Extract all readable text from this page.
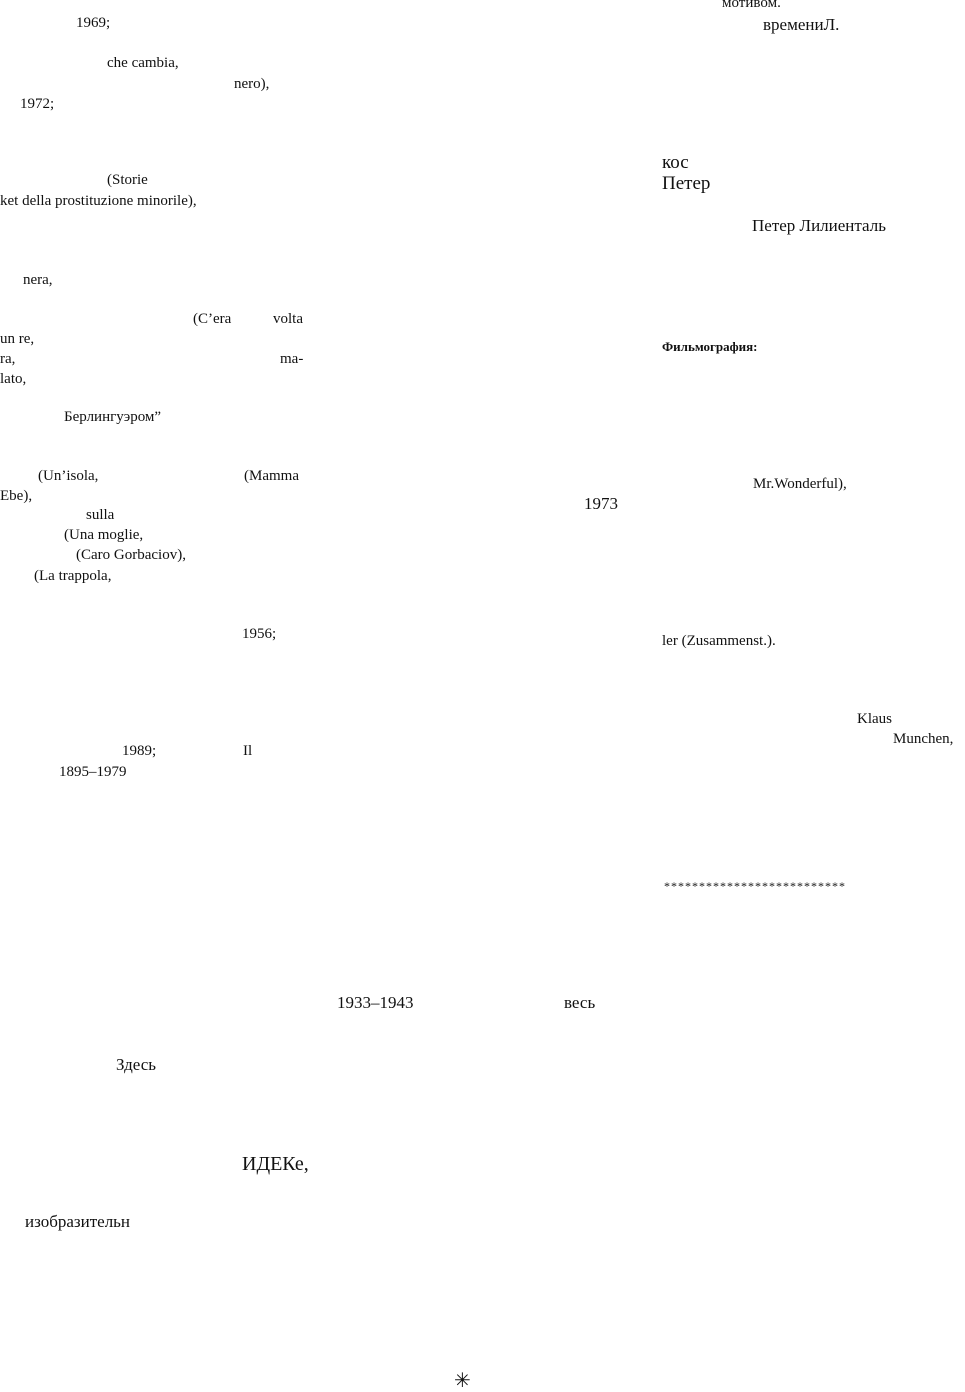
1969;
che cambia,
nero),
1972;
(Storie
ket della prostituzione minorile),
nera,
(C’era	volta
un re,
ra,	ma-
lato,
Берлингуэром”
(Un’isola,	(Mamma
Ebe),
sulla
(Una moglie,
(Caro Gorbaciov),
(La trappola,
1956;
1989;	Il
1895–1979
1973
1933–1943	весь
Здесь
ИДЕКе,
изобразительн
мотивом.
времениЛ.
кос
Петер
Петер Лилиенталь
Фильмография:
Mr.Wonderful),
ler (Zusammenst.).
Klaus
Munchen,
**************************
✳
